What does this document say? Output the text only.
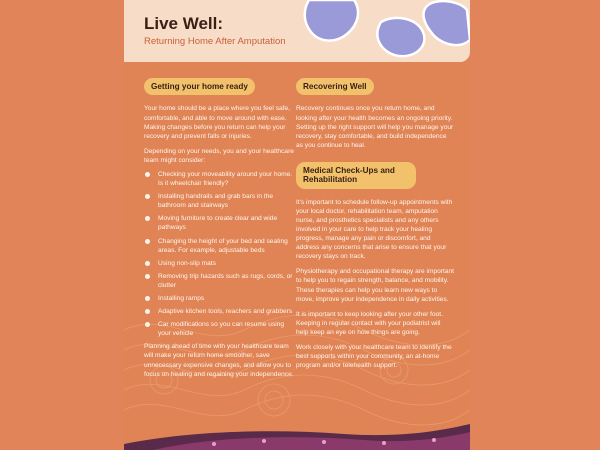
Live Well:
Returning Home After Amputation
Getting your home ready

Your home should be a place where you feel safe, comfortable, and able to move around with ease. Making changes before you return can help your recovery and prevent falls or injuries.

Depending on your needs, you and your healthcare team might consider:

Checking your moveability around your home. Is it wheelchair friendly?
Installing handrails and grab bars in the bathroom and stairways
Moving furniture to create clear and wide pathways
Changing the height of your bed and seating areas. For example, adjustable beds
Using non-slip mats
Removing trip hazards such as rugs, cords, or clutter
Installing ramps
Adaptive kitchen tools, reachers and grabbers
Car modifications so you can resume using your vehicle

Planning ahead of time with your healthcare team will make your return home smoother, save unnecessary expensive changes, and allow you to focus on healing and regaining your independence.

Recovering Well

Recovery continues once you return home, and looking after your health becomes an ongoing priority. Setting up the right support will help you manage your recovery, stay comfortable, and build independence as you continue to heal.

Medical Check-Ups and Rehabilitation

It's important to schedule follow-up appointments with your local doctor, rehabilitation team, amputation nurse, and prosthetics specialists and any others involved in your care to help track your healing progress, manage any pain or discomfort, and address any concerns that arise to ensure that your recovery stays on track.

Physiotherapy and occupational therapy are important to help you to regain strength, balance, and mobility. These therapies can help you learn new ways to move, improve your independence in daily activities.

It is important to keep looking after your other foot. Keeping in regular contact with your podiatrist will help keep an eye on how things are going.

Work closely with your healthcare team to identify the best supports within your community, an at-home program and/or telehealth support.
